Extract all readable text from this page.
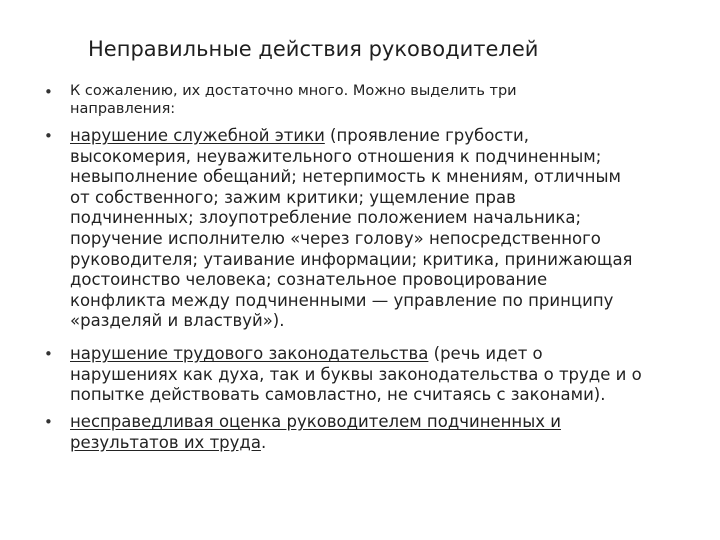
Неправильные действия руководителей
• К сожалению, их достаточно много. Можно выделить три
направления:
• нарушение служебной этики (проявление грубости,
высокомерия, неуважительного отношения к подчиненным;
невыполнение обещаний; нетерпимость к мнениям, отличным
от собственного; зажим критики; ущемление прав
подчиненных; злоупотребление положением начальника;
поручение исполнителю «через голову» непосредственного
руководителя; утаивание информации; критика, принижающая
достоинство человека; сознательное провоцирование
конфликта между подчиненными — управление по принципу
«разделяй и властвуй»).
• нарушение трудового законодательства (речь идет о
нарушениях как духа, так и буквы законодательства о труде и о
попытке действовать самовластно, не считаясь с законами).
• несправедливая оценка руководителем подчиненных и
результатов их труда.
